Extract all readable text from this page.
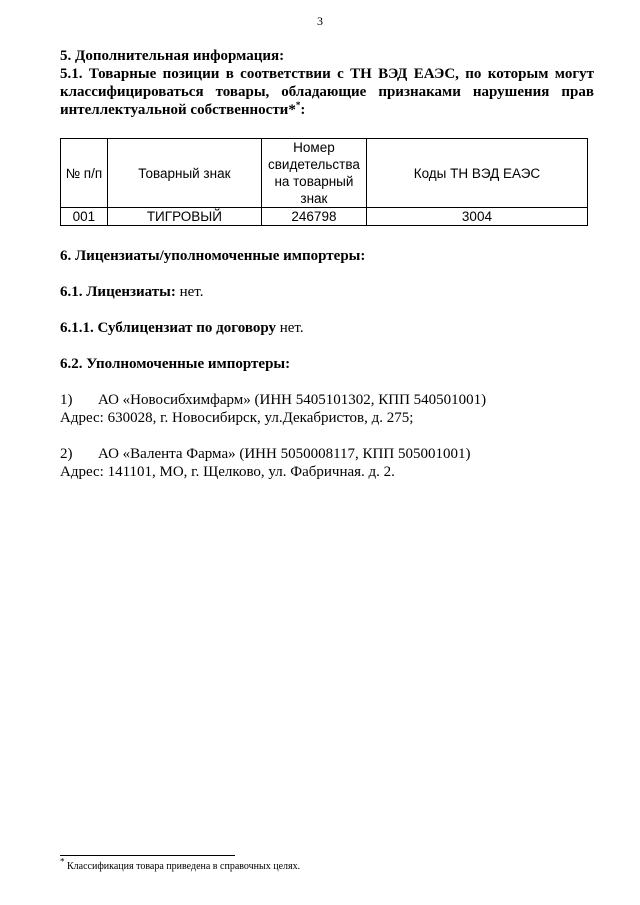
3
5. Дополнительная информация:
5.1. Товарные позиции в соответствии с ТН ВЭД ЕАЭС, по которым могут классифицироваться товары, обладающие признаками нарушения прав интеллектуальной собственности**:
№ п/п	Товарный знак	Номер свидетельства на товарный знак	Коды ТН ВЭД ЕАЭС
001	ТИГРОВЫЙ	246798	3004
6. Лицензиаты/уполномоченные импортеры:
6.1. Лицензиаты: нет.
6.1.1. Сублицензиат по договору нет.
6.2. Уполномоченные импортеры:
1) АО «Новосибхимфарм» (ИНН 5405101302, КПП 540501001)
Адрес: 630028, г. Новосибирск, ул.Декабристов, д. 275;
2) АО «Валента Фарма» (ИНН 5050008117, КПП 505001001)
Адрес: 141101, МО, г. Щелково, ул. Фабричная. д. 2.
* Классификация товара приведена в справочных целях.
